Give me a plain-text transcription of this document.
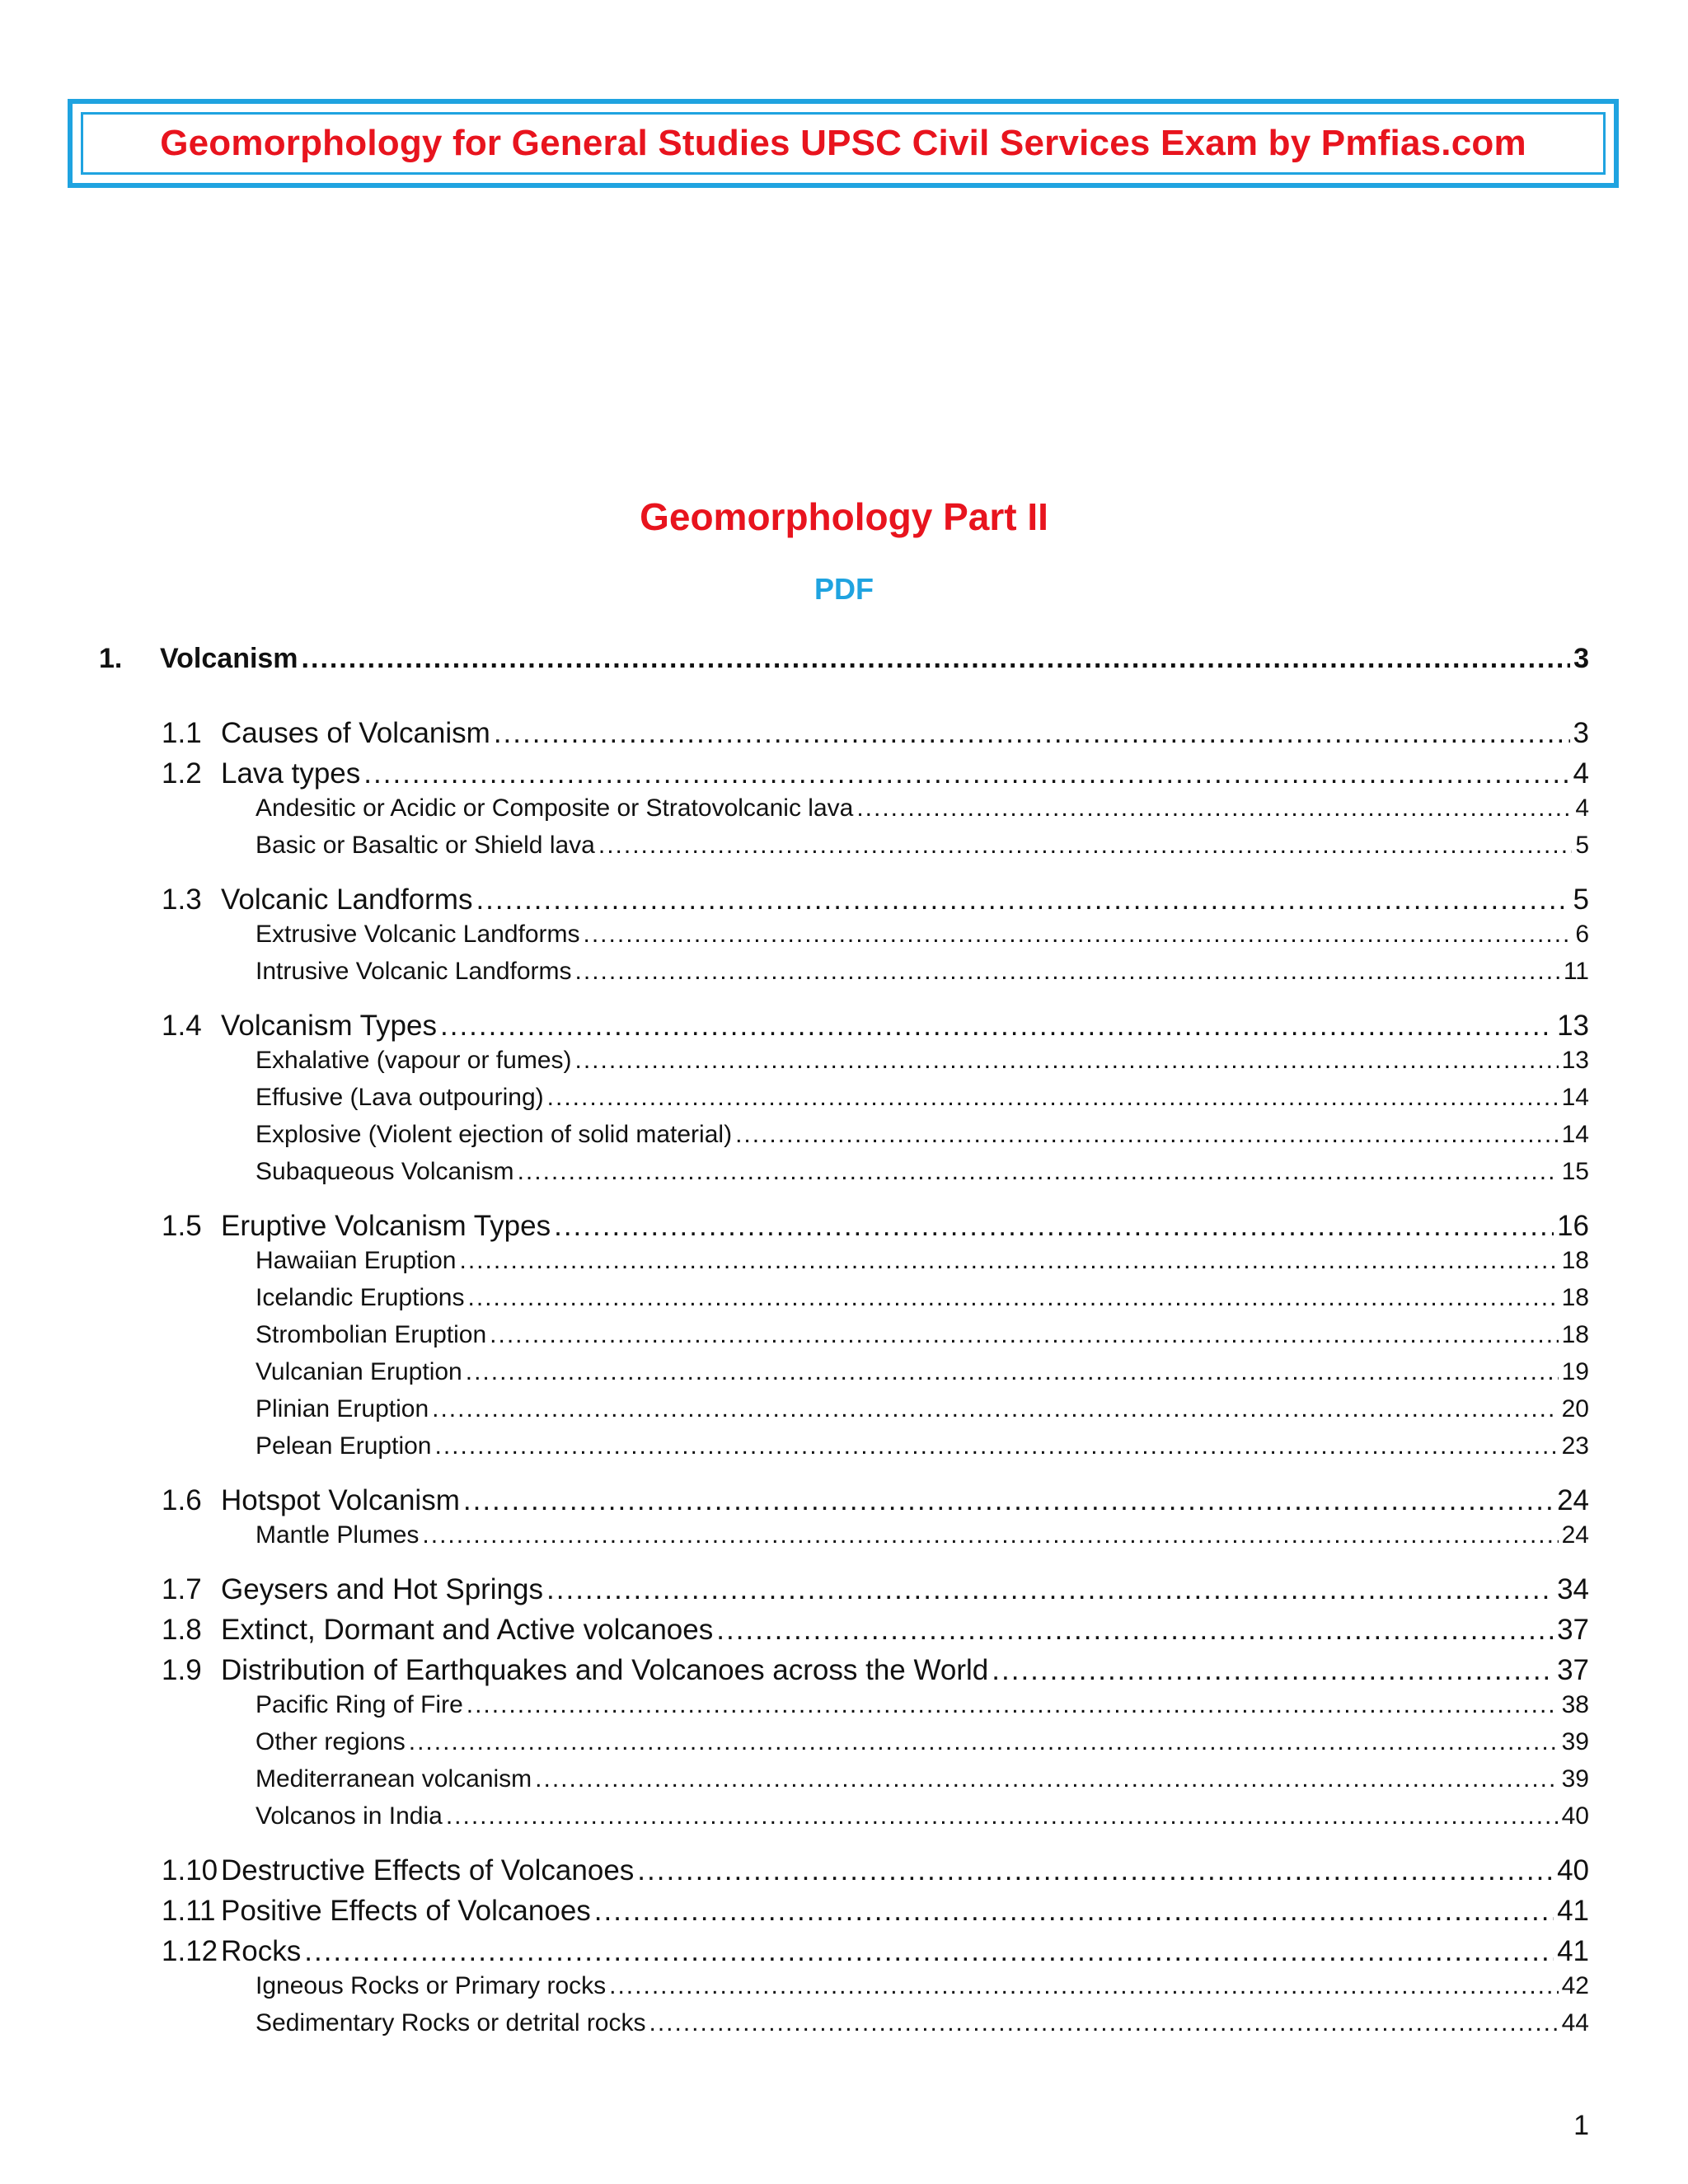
Geomorphology for General Studies UPSC Civil Services Exam by Pmfias.com
Geomorphology Part II
PDF
1.	Volcanism .....	3
1.1 Causes of Volcanism .....	3
1.2 Lava types .....	4
Andesitic or Acidic or Composite or Stratovolcanic lava .....	4
Basic or Basaltic or Shield lava .....	5
1.3 Volcanic Landforms .....	5
Extrusive Volcanic Landforms .....	6
Intrusive Volcanic Landforms .....	11
1.4 Volcanism Types .....	13
Exhalative (vapour or fumes) .....	13
Effusive (Lava outpouring) .....	14
Explosive (Violent ejection of solid material) .....	14
Subaqueous Volcanism .....	15
1.5 Eruptive Volcanism Types .....	16
Hawaiian Eruption .....	18
Icelandic Eruptions .....	18
Strombolian Eruption .....	18
Vulcanian Eruption .....	19
Plinian Eruption .....	20
Pelean Eruption .....	23
1.6 Hotspot Volcanism .....	24
Mantle Plumes .....	24
1.7 Geysers and Hot Springs .....	34
1.8 Extinct, Dormant and Active volcanoes .....	37
1.9 Distribution of Earthquakes and Volcanoes across the World .....	37
Pacific Ring of Fire .....	38
Other regions .....	39
Mediterranean volcanism .....	39
Volcanos in India .....	40
1.10 Destructive Effects of Volcanoes .....	40
1.11 Positive Effects of Volcanoes .....	41
1.12 Rocks .....	41
Igneous Rocks or Primary rocks .....	42
Sedimentary Rocks or detrital rocks .....	44
1
